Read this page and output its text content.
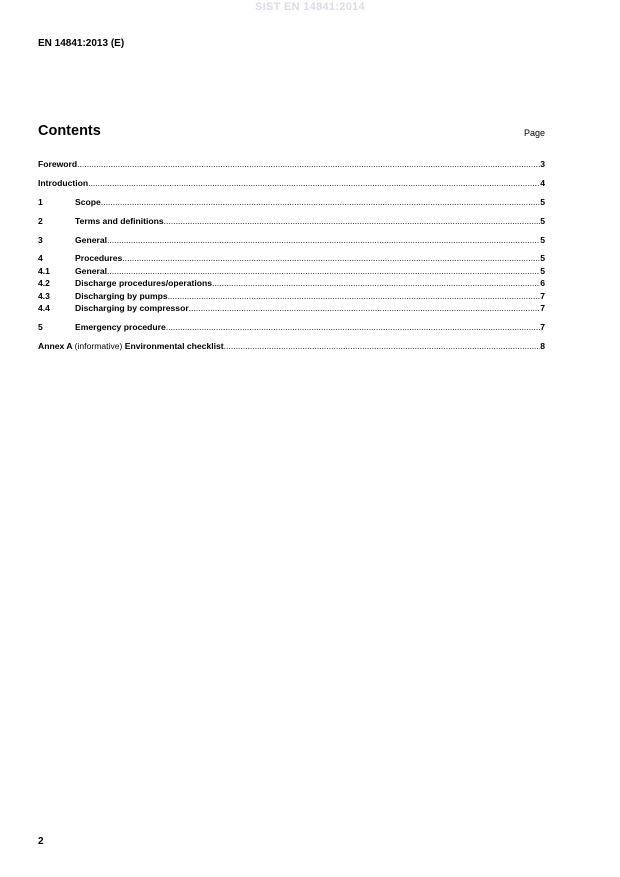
SIST EN 14841:2014
EN 14841:2013 (E)
Contents	Page
Foreword .....	3
Introduction .....	4
1	Scope .....	5
2	Terms and definitions .....	5
3	General .....	5
4	Procedures .....	5
4.1	General .....	5
4.2	Discharge procedures/operations .....	6
4.3	Discharging by pumps .....	7
4.4	Discharging by compressor .....	7
5	Emergency procedure .....	7
Annex A (informative) Environmental checklist .....	8
2
